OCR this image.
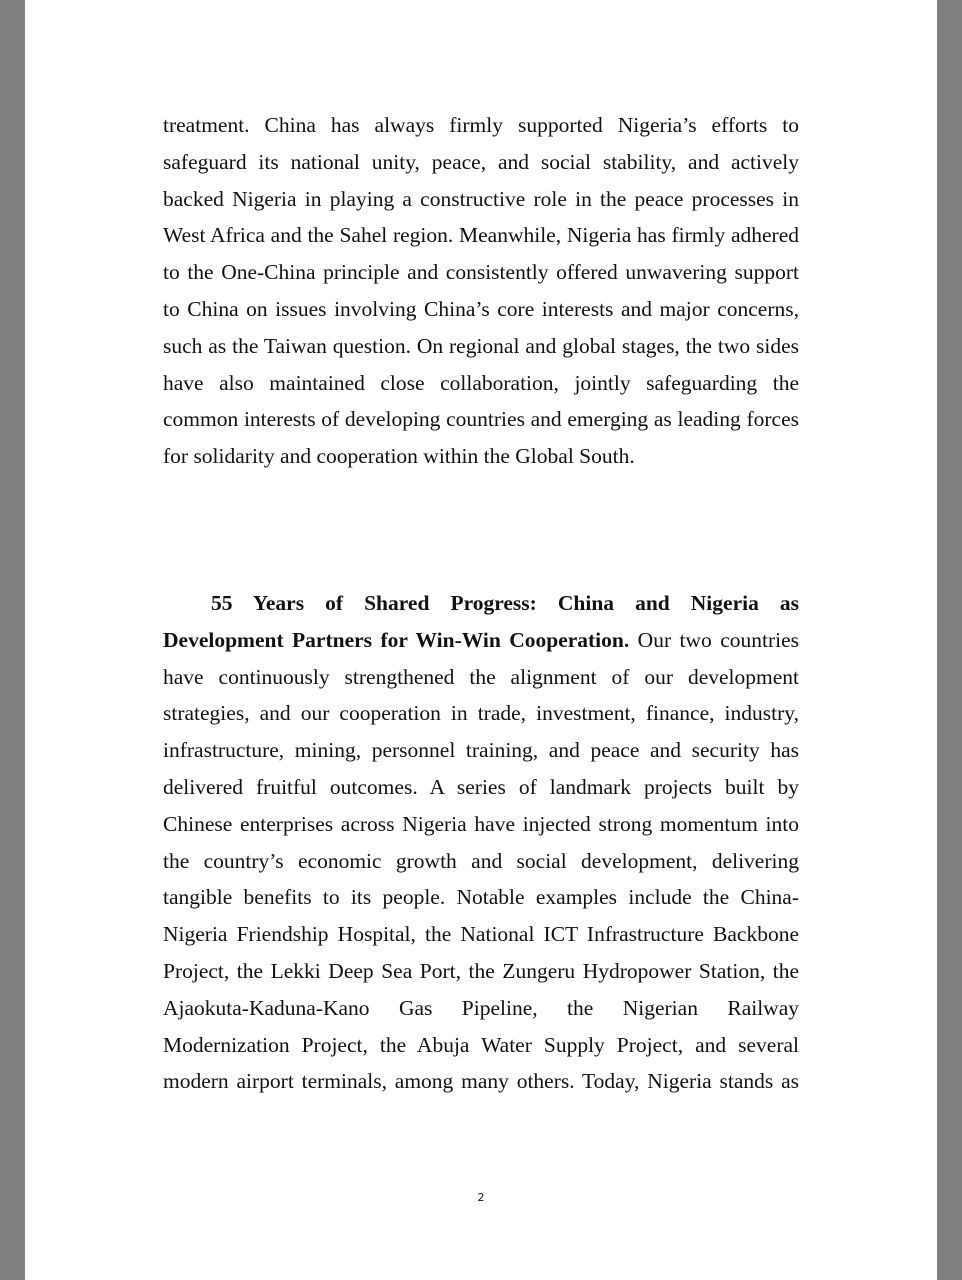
treatment. China has always firmly supported Nigeria’s efforts to safeguard its national unity, peace, and social stability, and actively backed Nigeria in playing a constructive role in the peace processes in West Africa and the Sahel region. Meanwhile, Nigeria has firmly adhered to the One-China principle and consistently offered unwavering support to China on issues involving China’s core interests and major concerns, such as the Taiwan question. On regional and global stages, the two sides have also maintained close collaboration, jointly safeguarding the common interests of developing countries and emerging as leading forces for solidarity and cooperation within the Global South.

55 Years of Shared Progress: China and Nigeria as Development Partners for Win-Win Cooperation. Our two countries have continuously strengthened the alignment of our development strategies, and our cooperation in trade, investment, finance, industry, infrastructure, mining, personnel training, and peace and security has delivered fruitful outcomes. A series of landmark projects built by Chinese enterprises across Nigeria have injected strong momentum into the country’s economic growth and social development, delivering tangible benefits to its people. Notable examples include the China-Nigeria Friendship Hospital, the National ICT Infrastructure Backbone Project, the Lekki Deep Sea Port, the Zungeru Hydropower Station, the Ajaokuta-Kaduna-Kano Gas Pipeline, the Nigerian Railway Modernization Project, the Abuja Water Supply Project, and several modern airport terminals, among many others. Today, Nigeria stands as

2
